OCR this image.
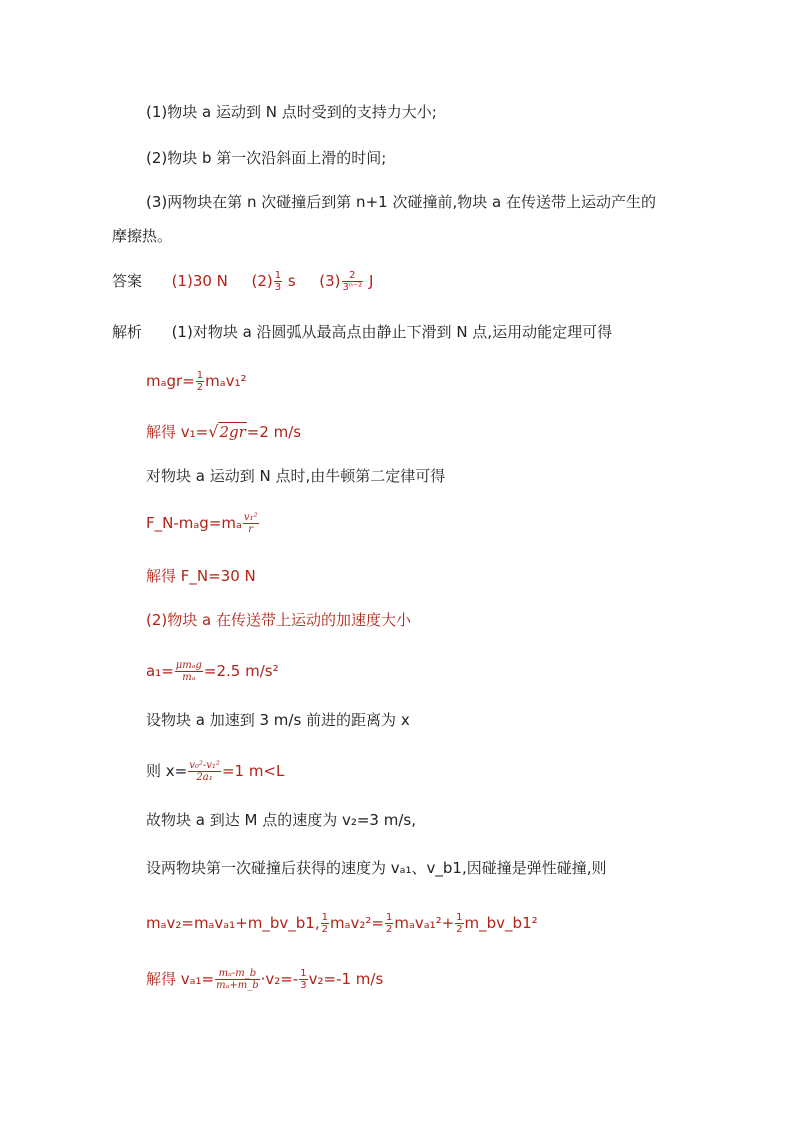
(1)物块 a 运动到 N 点时受到的支持力大小;
(2)物块 b 第一次沿斜面上滑的时间;
(3)两物块在第 n 次碰撞后到第 n+1 次碰撞前,物块 a 在传送带上运动产生的
摩擦热。
答案 (1)30 N $(2) \frac{1}{3}$ s $(3) \frac{2}{\text{3ⁿ⁻²}}$ J
解析 (1)对物块 a 沿圆弧从最高点由静止下滑到 N 点,运用动能定理可得
$m_agr= \frac{1}{2} m_av_1^2$
解得 v₁=√2gr=2 m/s
对物块 a 运动到 N 点时,由牛顿第二定律可得
F_N-mₐg=mₐ $\frac{\text{v₁²}}{r}$
解得 F_N=30 N
(2)物块 a 在传送带上运动的加速度大小
$a_1= \frac{\text{μmₐg}}{\text{mₐ}} =2.5$ m/s²
设物块 a 加速到 3 m/s 前进的距离为 x
则 $x= \frac{\text{v₀²-v₁²}}{\text{2a₁}} =1$ m<L
故物块 a 到达 M 点的速度为 v₂=3 m/s,
设两物块第一次碰撞后获得的速度为 vₐ₁、v_b1,因碰撞是弹性碰撞,则
mₐv₂=mₐvₐ₁+m_bv_b1, $\frac{1}{2} m_av_2^2= \frac{1}{2} m_av_{a1}^2+ \frac{1}{2}$ m_bv_b1²
解得 $v_{a1}= \frac{\text{mₐ-m\_b}}{\text{mₐ+m\_b}} \cdot v_2=- \frac{1}{3} v_2=-1$ m/s
